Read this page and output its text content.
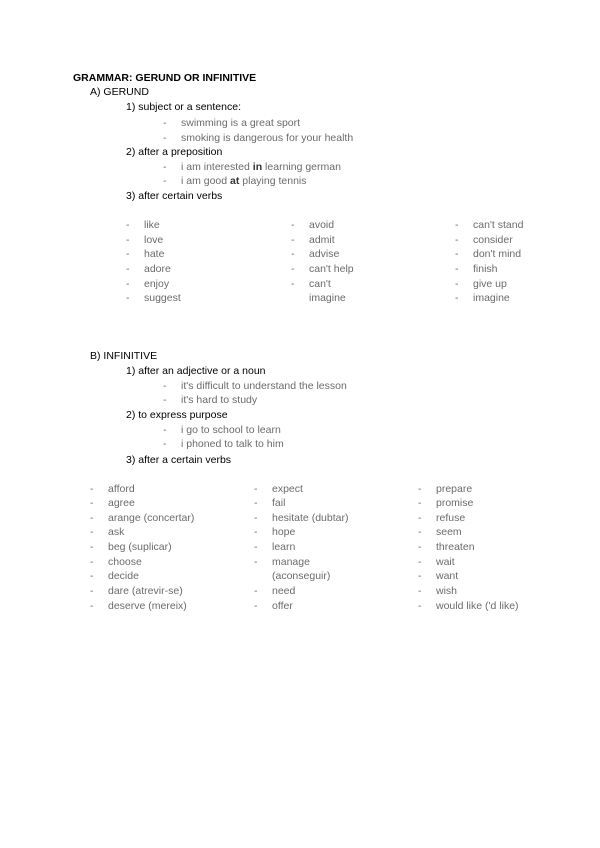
GRAMMAR: GERUND OR INFINITIVE
A) GERUND
1) subject or a sentence:
- swimming is a great sport
- smoking is dangerous for your health
2) after a preposition
- i am interested in learning german
- i am good at playing tennis
3) after certain verbs
- like
- love
- hate
- adore
- enjoy
- suggest
- avoid
- admit
- advise
- can't help
- can't
imagine
- can't stand
- consider
- don't mind
- finish
- give up
- imagine
B) INFINITIVE
1) after an adjective or a noun
- it's difficult to understand the lesson
- it's hard to study
2) to express purpose
- i go to school to learn
- i phoned to talk to him
3) after a certain verbs
- afford
- agree
- arange (concertar)
- ask
- beg (suplicar)
- choose
- decide
- dare (atrevir-se)
- deserve (mereix)
- expect
- fail
- hesitate (dubtar)
- hope
- learn
- manage
(aconseguir)
- need
- offer
- prepare
- promise
- refuse
- seem
- threaten
- wait
- want
- wish
- would like ('d like)
